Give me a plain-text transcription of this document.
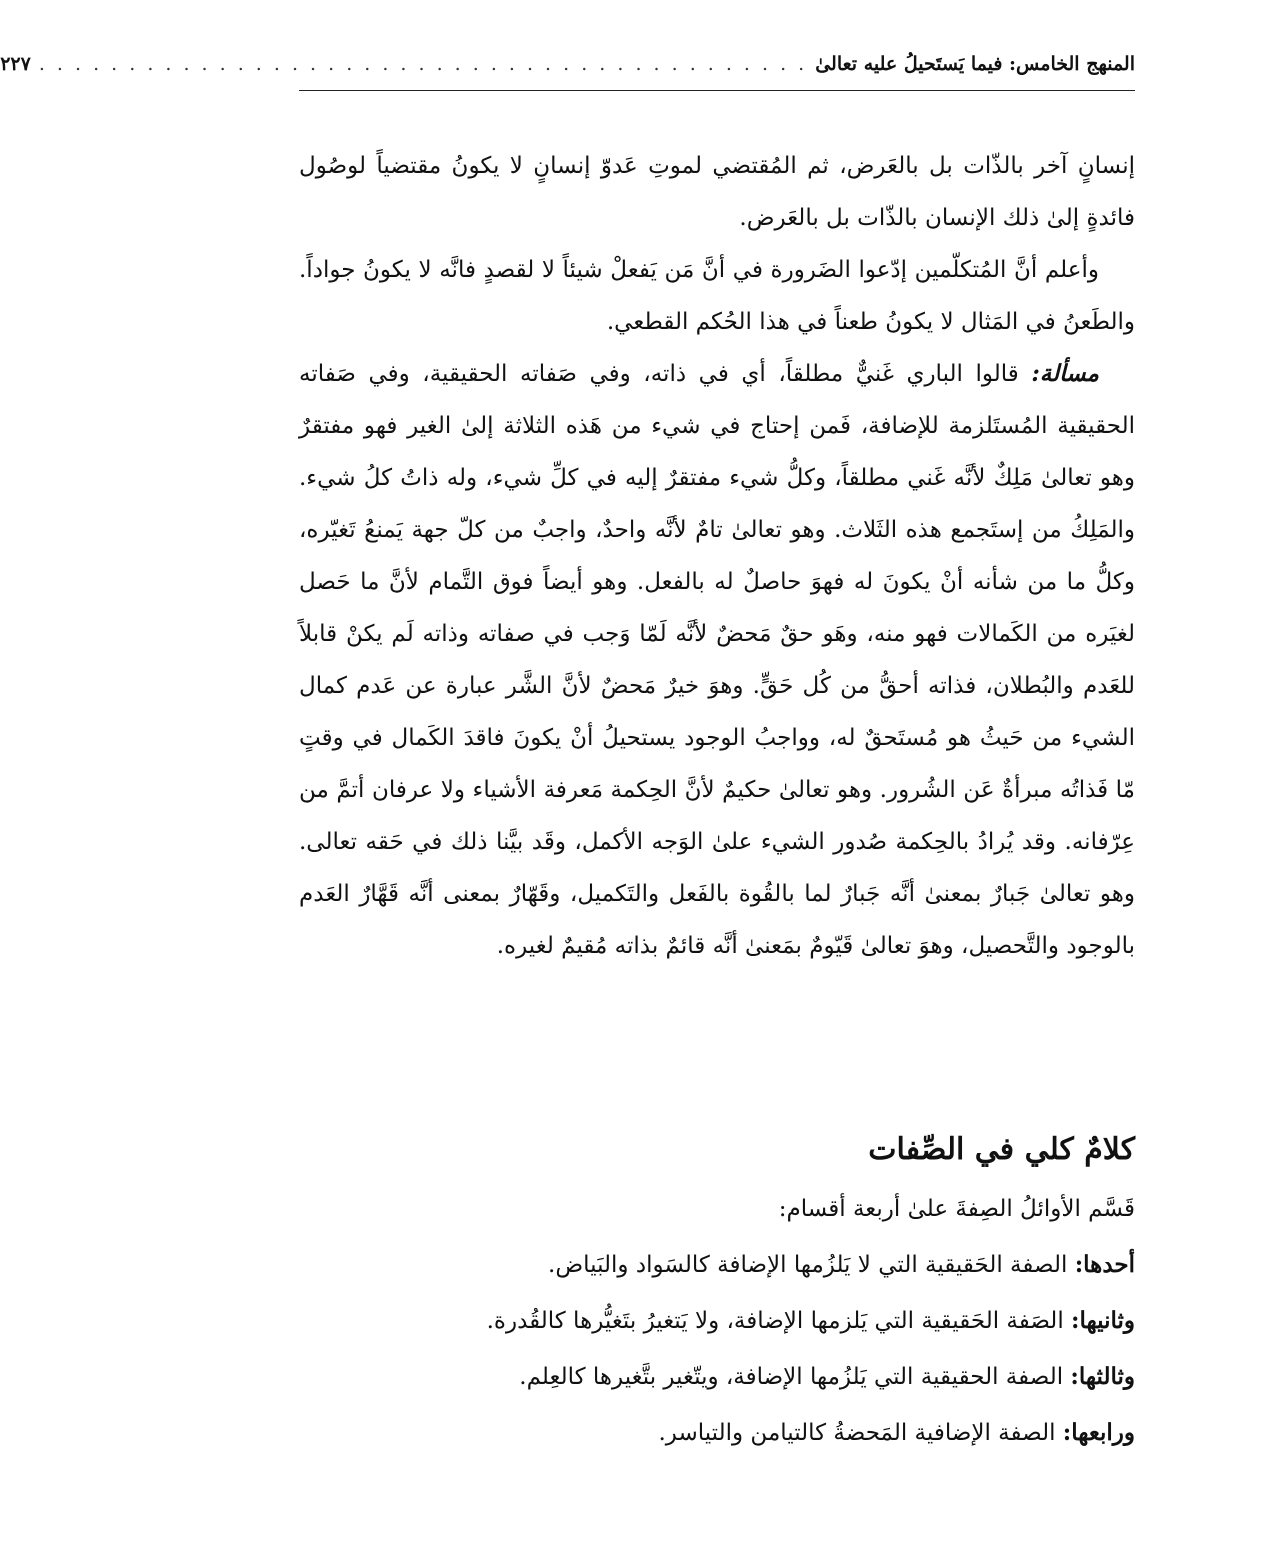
المنهج الخامس: فيما يَستَحيلُ عليه تعالىٰ
. . . . . . . . . . . . . . . . . . . . . . . . . . . . . . . . . . . . . . . . . . .
٢٢٧

إنسانٍ آخر بالذّات بل بالعَرض، ثم المُقتضي لموتِ عَدوّ إنسانٍ لا يكونُ مقتضياً لوصُول فائدةٍ إلىٰ ذلك الإنسان بالذّات بل بالعَرض.

وأعلم أنَّ المُتكلّمين إدّعوا الضَرورة في أنَّ مَن يَفعلْ شيئاً لا لقصدٍ فانَّه لا يكونُ جواداً. والطَعنُ في المَثال لا يكونُ طعناً في هذا الحُكم القطعي.

مسألة: قالوا الباري غَنيٌّ مطلقاً، أي في ذاته، وفي صَفاته الحقيقية، وفي صَفاته الحقيقية المُستَلزمة للإضافة، فَمن إحتاج في شيء من هَذه الثلاثة إلىٰ الغير فهو مفتقرٌ وهو تعالىٰ مَلِكٌ لأنَّه غَني مطلقاً، وكلُّ شيء مفتقرٌ إليه في كلِّ شيء، وله ذاتُ كلُ شيء. والمَلِكُ من إستَجمع هذه الثَلاث. وهو تعالىٰ تامٌ لأنَّه واحدٌ، واجبٌ من كلّ جهة يَمنعُ تَغيّره، وكلُّ ما من شأنه أنْ يكونَ له فهوَ حاصلٌ له بالفعل. وهو أيضاً فوق التَّمام لأنَّ ما حَصل لغيَره من الكَمالات فهو منه، وهَو حقٌ مَحضٌ لأنَّه لَمّا وَجب في صفاته وذاته لَم يكنْ قابلاً للعَدم والبُطلان، فذاته أحقُّ من كُل حَقٍّ. وهوَ خيرٌ مَحضٌ لأنَّ الشَّر عبارة عن عَدم كمال الشيء من حَيثُ هو مُستَحقٌ له، وواجبُ الوجود يستحيلُ أنْ يكونَ فاقدَ الكَمال في وقتٍ مّا فَذاتُه مبرأةٌ عَن الشُرور. وهو تعالىٰ حكيمٌ لأنَّ الحِكمة مَعرفة الأشياء ولا عرفان أتمَّ من عِرّفانه. وقد يُرادُ بالحِكمة صُدور الشيء علىٰ الوَجه الأكمل، وقَد بيَّنا ذلك في حَقه تعالى. وهو تعالىٰ جَبارٌ بمعنىٰ أنَّه جَبارٌ لما بالقُوة بالفَعل والتَكميل، وقَهّارٌ بمعنى أنَّه قَهَّارٌ العَدم بالوجود والتَّحصيل، وهوَ تعالىٰ قَيّومٌ بمَعنىٰ أنَّه قائمٌ بذاته مُقيمٌ لغيره.

كلامٌ كلي في الصِّفات

قَسَّم الأوائلُ الصِفةَ علىٰ أربعة أقسام:

أحدها: الصفة الحَقيقية التي لا يَلزُمها الإضافة كالسَواد والبَياض.

وثانيها: الصَفة الحَقيقية التي يَلزمها الإضافة، ولا يَتغيرُ بتَغيُّرها كالقُدرة.

وثالثها: الصفة الحقيقية التي يَلزُمها الإضافة، ويتّغير بتَّغيرها كالعِلم.

ورابعها: الصفة الإضافية المَحضةُ كالتيامن والتياسر.
